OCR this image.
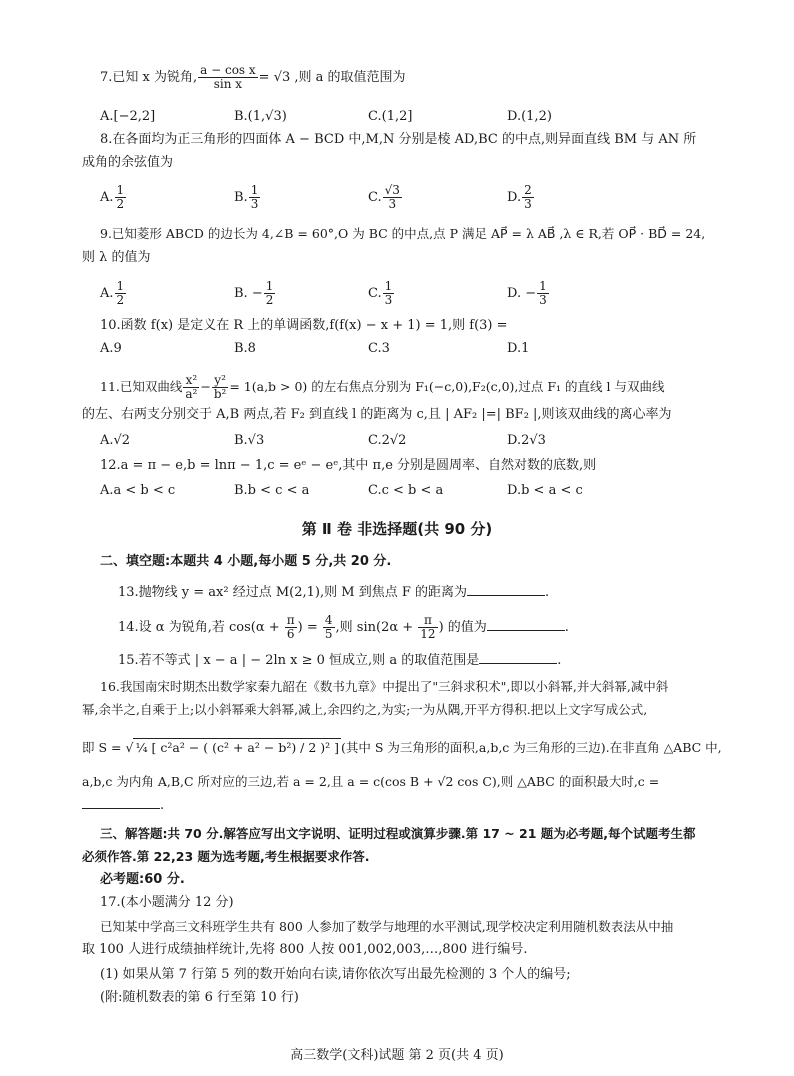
7.已知 x 为锐角, $\frac{\text{a − cos x}}{\text{sin x}} = √3$ ,则 a 的取值范围为
A.[−2,2]	B.(1,√3)	C.(1,2]	D.(1,2)
8.在各面均为正三角形的四面体 A − BCD 中,M,N 分别是棱 AD,BC 的中点,则异面直线 BM 与 AN 所
成角的余弦值为
A. $\frac{1}{2}$	B. $\frac{1}{3}$	C. $\frac{√3}{3}$	D. $\frac{2}{3}$
9.已知菱形 ABCD 的边长为 4,∠B = 60°,O 为 BC 的中点,点 P 满足 AP⃗ = λ AB⃗ ,λ ∈ R,若 OP⃗ · BD⃗ = 24,
则 λ 的值为
A. $\frac{1}{2}$	B. − $\frac{1}{2}$	C. $\frac{1}{3}$	D. − $\frac{1}{3}$
10.函数 f(x) 是定义在 R 上的单调函数,f(f(x) − x + 1) = 1,则 f(3) =
A.9	B.8	C.3	D.1
11.已知双曲线 $\frac{\text{x²}}{\text{a²}} - \frac{\text{y²}}{\text{b²}} = 1(a,b > 0)$ 的左右焦点分别为 F₁(−c,0),F₂(c,0),过点 F₁ 的直线 l 与双曲线
的左、右两支分别交于 A,B 两点,若 F₂ 到直线 l 的距离为 c,且 | AF₂ |=| BF₂ |,则该双曲线的离心率为
A.√2	B.√3	C.2√2	D.2√3
12.a = π − e,b = lnπ − 1,c = eᵉ − eᵉ,其中 π,e 分别是圆周率、自然对数的底数,则
A.a < b < c	B.b < c < a	C.c < b < a	D.b < a < c
第 Ⅱ 卷 非选择题(共 90 分)
二、填空题:本题共 4 小题,每小题 5 分,共 20 分.
13.抛物线 y = ax² 经过点 M(2,1),则 M 到焦点 F 的距离为	.
14.设 α 为锐角,若 $\cos(\alpha + \frac{\pi}{6}$ ) = $\frac{4}{5}$ ,则 $\sin(2\alpha + \frac{\pi}{12}$ ) 的值为	.
15.若不等式 | x − a | − 2ln x ≥ 0 恒成立,则 a 的取值范围是	.
16.我国南宋时期杰出数学家秦九韶在《数书九章》中提出了"三斜求积术",即以小斜幂,并大斜幂,减中斜
幂,余半之,自乘于上;以小斜幂乘大斜幂,减上,余四约之,为实;一为从隅,开平方得积.把以上文字写成公式,
即 S = √ ¼ [ c²a² − ( (c² + a² − b²) / 2 )² ] (其中 S 为三角形的面积,a,b,c 为三角形的三边).在非直角 △ABC 中,
a,b,c 为内角 A,B,C 所对应的三边,若 a = 2,且 a = c(cos B + √2 cos C),则 △ABC 的面积最大时,c =
.
三、解答题:共 70 分.解答应写出文字说明、证明过程或演算步骤.第 17 ~ 21 题为必考题,每个试题考生都
必须作答.第 22,23 题为选考题,考生根据要求作答.
必考题:60 分.
17.(本小题满分 12 分)
已知某中学高三文科班学生共有 800 人参加了数学与地理的水平测试,现学校决定利用随机数表法从中抽
取 100 人进行成绩抽样统计,先将 800 人按 001,002,003,…,800 进行编号.
(1) 如果从第 7 行第 5 列的数开始向右读,请你依次写出最先检测的 3 个人的编号;
(附:随机数表的第 6 行至第 10 行)
高三数学(文科)试题 第 2 页(共 4 页)
